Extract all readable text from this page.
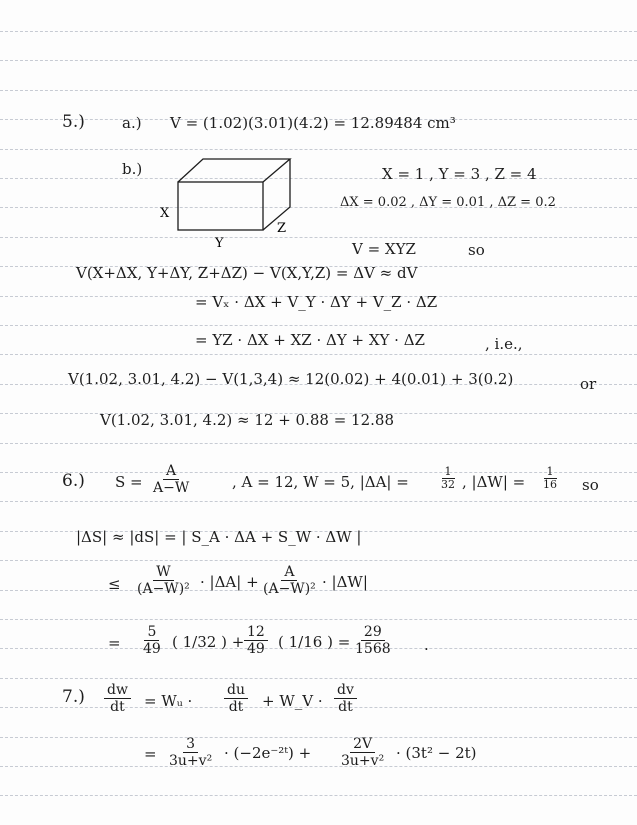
5.) a.) V = (1.02)(3.01)(4.2) = 12.89484 cm³
b.)
X
Y
Z
X = 1 , Y = 3 , Z = 4
ΔX = 0.02 , ΔY = 0.01 , ΔZ = 0.2
V = XYZ	so
V(X+ΔX, Y+ΔY, Z+ΔZ) − V(X,Y,Z) = ΔV ≈ dV
= Vₓ · ΔX + V_Y · ΔY + V_Z · ΔZ
= YZ · ΔX + XZ · ΔY + XY · ΔZ	, i.e.,
V(1.02, 3.01, 4.2) − V(1,3,4) ≈ 12(0.02) + 4(0.01) + 3(0.2)	or
V(1.02, 3.01, 4.2) ≈ 12 + 0.88 = 12.88
6.) $S = \frac{A}{A-W}$	, A = 12, W = 5, |ΔA| =	$\frac{1}{32}$ , $|\Delta W| = \frac{1}{16}$ so
|ΔS| ≈ |dS| = | S_A · ΔA + S_W · ΔW |
≤ $\frac{W}{\text{(A−W)²}} \cdot |\Delta A| + \frac{A}{\text{(A−W)²}} \cdot |\Delta W|$
= $\frac{5}{49}$ ( 1/32 ) + $\frac{12}{49}$ ( 1/16 ) = $\frac{29}{1568}$ .
$7.) \frac{dw}{dt}$ = Wᵤ · $\frac{du}{dt}$ + W_V · $\frac{dv}{dt}$
= $\frac{3}{\text{3u+v²}}$ · (−2e⁻²ᵗ) + $\frac{2V}{\text{3u+v²}} \cdot (3t^2 - 2t)$
